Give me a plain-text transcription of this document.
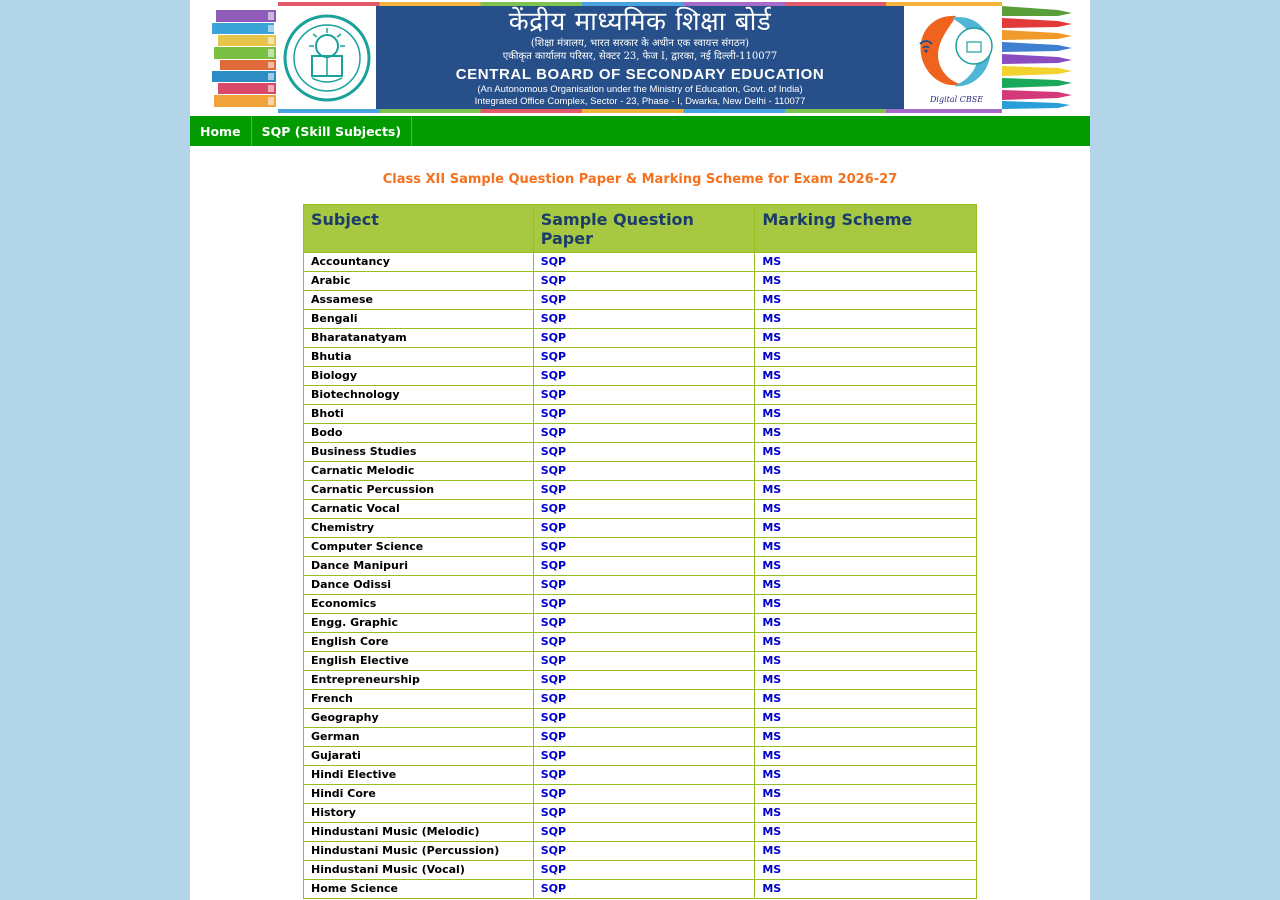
केंद्रीय माध्यमिक शिक्षा बोर्ड
(शिक्षा मंत्रालय, भारत सरकार के अधीन एक स्वायत्त संगठन)
एकीकृत कार्यालय परिसर, सेक्टर 23, फेज I, द्वारका, नई दिल्ली-110077
CENTRAL BOARD OF SECONDARY EDUCATION
(An Autonomous Organisation under the Ministry of Education, Govt. of India)
Integrated Office Complex, Sector - 23, Phase - I, Dwarka, New Delhi - 110077	Digital CBSE
Home	SQP (Skill Subjects)
Class XII Sample Question Paper & Marking Scheme for Exam 2026-27
Subject	Sample Question Paper	Marking Scheme
Accountancy	SQP	MS
Arabic	SQP	MS
Assamese	SQP	MS
Bengali	SQP	MS
Bharatanatyam	SQP	MS
Bhutia	SQP	MS
Biology	SQP	MS
Biotechnology	SQP	MS
Bhoti	SQP	MS
Bodo	SQP	MS
Business Studies	SQP	MS
Carnatic Melodic	SQP	MS
Carnatic Percussion	SQP	MS
Carnatic Vocal	SQP	MS
Chemistry	SQP	MS
Computer Science	SQP	MS
Dance Manipuri	SQP	MS
Dance Odissi	SQP	MS
Economics	SQP	MS
Engg. Graphic	SQP	MS
English Core	SQP	MS
English Elective	SQP	MS
Entrepreneurship	SQP	MS
French	SQP	MS
Geography	SQP	MS
German	SQP	MS
Gujarati	SQP	MS
Hindi Elective	SQP	MS
Hindi Core	SQP	MS
History	SQP	MS
Hindustani Music (Melodic)	SQP	MS
Hindustani Music (Percussion)	SQP	MS
Hindustani Music (Vocal)	SQP	MS
Home Science	SQP	MS
